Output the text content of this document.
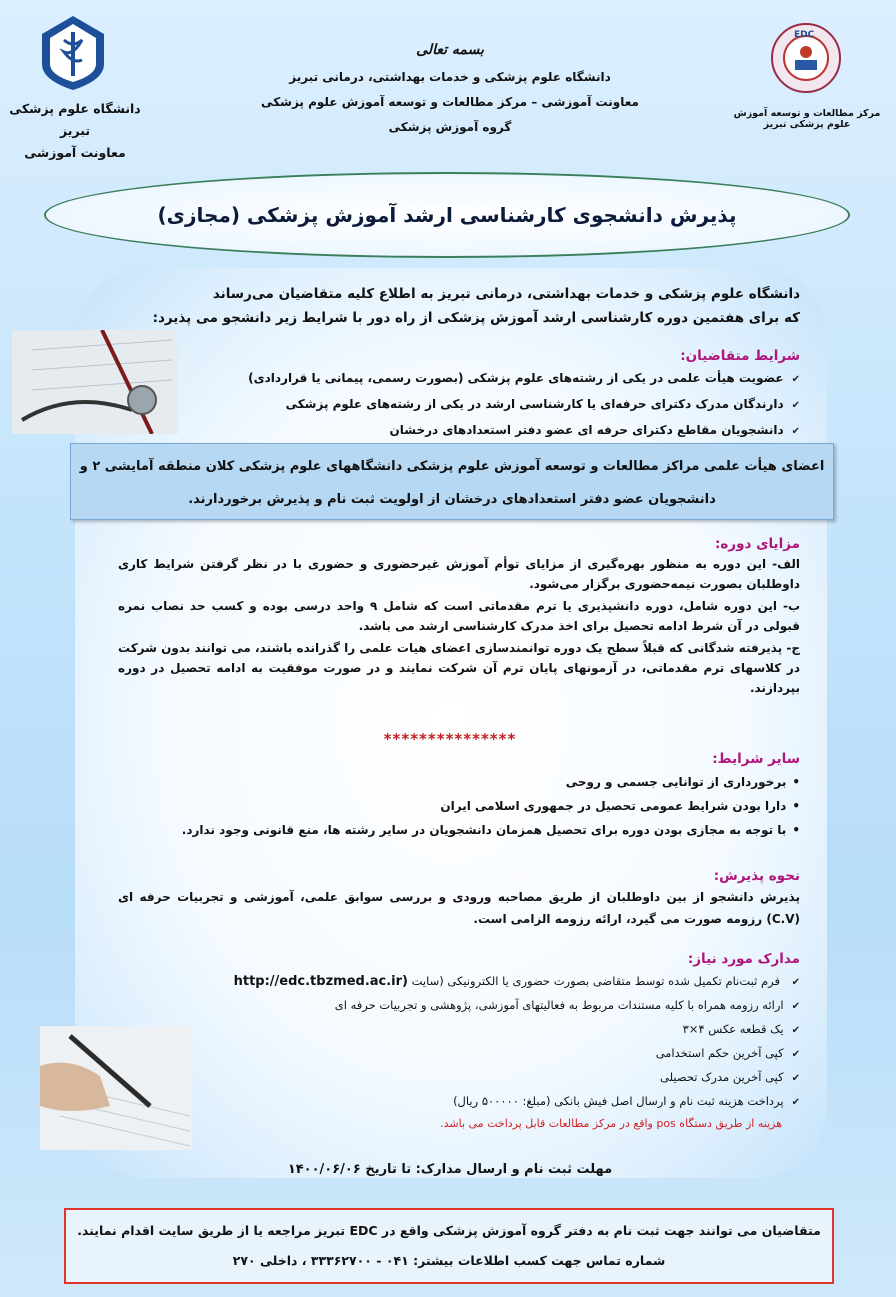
دانشگاه علوم پزشکی تبریز
معاونت آموزشی
EDC
مرکز مطالعات و توسعه آموزش علوم پزشکی تبریز
بسمه تعالی
دانشگاه علوم پزشکی و خدمات بهداشتی، درمانی تبریز
معاونت آموزشی – مرکز مطالعات و توسعه آموزش علوم پزشکی
گروه آموزش پزشکی
پذیرش دانشجوی کارشناسی ارشد آموزش پزشکی (مجازی)
دانشگاه علوم پزشکی و خدمات بهداشتی، درمانی تبریز به اطلاع کلیه متقاضیان می‌رساند
که برای هفتمین دوره کارشناسی ارشد آموزش پزشکی از راه دور با شرایط زیر دانشجو می پذیرد:
شرایط متقاضیان:
✔ عضویت هیأت علمی در یکی از رشته‌های علوم پزشکی (بصورت رسمی، پیمانی یا قراردادی)
✔ دارندگان مدرک دکترای حرفه‌ای یا کارشناسی ارشد در یکی از رشته‌های علوم پزشکی
✔ دانشجویان مقاطع دکترای حرفه ای عضو دفتر استعدادهای درخشان
اعضای هیأت علمی مراکز مطالعات و توسعه آموزش علوم پزشکی دانشگاههای علوم پزشکی کلان منطقه آمایشی ۲ و
دانشجویان عضو دفتر استعدادهای درخشان از اولویت ثبت نام و پذیرش برخوردارند.
مزایای دوره:
الف- این دوره به منظور بهره‌گیری از مزایای توأم آموزش غیرحضوری و حضوری با در نظر گرفتن شرایط کاری داوطلبان بصورت نیمه‌حضوری برگزار می‌شود.
ب- این دوره شامل، دوره دانشپذیری یا ترم مقدماتی است که شامل ۹ واحد درسی بوده و کسب حد نصاب نمره قبولی در آن شرط ادامه تحصیل برای اخذ مدرک کارشناسی ارشد می باشد.
ج- پذیرفته شدگانی که قبلاً سطح یک دوره توانمندسازی اعضای هیات علمی را گذرانده باشند، می توانند بدون شرکت در کلاسهای ترم مقدماتی، در آزمونهای پایان ترم آن شرکت نمایند و در صورت موفقیت به ادامه تحصیل در دوره بپردازند.
***************
سایر شرایط:
• برخورداری از توانایی جسمی و روحی
• دارا بودن شرایط عمومی تحصیل در جمهوری اسلامی ایران
• با توجه به مجازی بودن دوره برای تحصیل همزمان دانشجویان در سایر رشته ها، منع قانونی وجود ندارد.
نحوه پذیرش:
پذیرش دانشجو از بین داوطلبان از طریق مصاحبه ورودی و بررسی سوابق علمی، آموزشی و تجربیات حرفه ای (C.V) رزومه صورت می گیرد، ارائه رزومه الزامی است.
مدارک مورد نیاز:
✔ فرم ثبت‌نام تکمیل شده توسط متقاضی بصورت حضوری یا الکترونیکی (سایت http://edc.tbzmed.ac.ir)
✔ ارائه رزومه همراه با کلیه مستندات مربوط به فعالیتهای آموزشی، پژوهشی و تجربیات حرفه ای
✔ یک قطعه عکس ۴×۳
✔ کپی آخرین حکم استخدامی
✔ کپی آخرین مدرک تحصیلی
✔ پرداخت هزینه ثبت نام و ارسال اصل فیش بانکی (مبلغ: ۵۰۰۰۰۰ ریال)
هزینه از طریق دستگاه pos واقع در مرکز مطالعات قابل پرداخت می باشد.
مهلت ثبت نام و ارسال مدارک: تا تاریخ ۱۴۰۰/۰۶/۰۶
متقاضیان می توانند جهت ثبت نام به دفتر گروه آموزش پزشکی واقع در EDC تبریز مراجعه یا از طریق سایت اقدام نمایند.
شماره تماس جهت کسب اطلاعات بیشتر: ۰۴۱ - ۳۳۳۶۲۷۰۰ ، داخلی ۲۷۰
